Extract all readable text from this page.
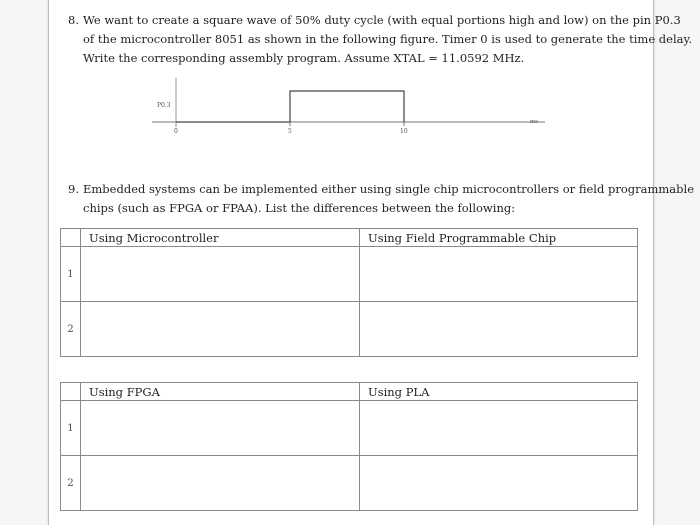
8. We want to create a square wave of 50% duty cycle (with equal portions high and low) on the pin P0.3
of the microcontroller 8051 as shown in the following figure. Timer 0 is used to generate the time delay.
Write the corresponding assembly program. Assume XTAL = 11.0592 MHz.
P0.3
0	5	10
ms
9. Embedded systems can be implemented either using single chip microcontrollers or field programmable
chips (such as FPGA or FPAA). List the differences between the following:

	Using Microcontroller	Using Field Programmable Chip

1		

2		

	Using FPGA	Using PLA

1		

2		
